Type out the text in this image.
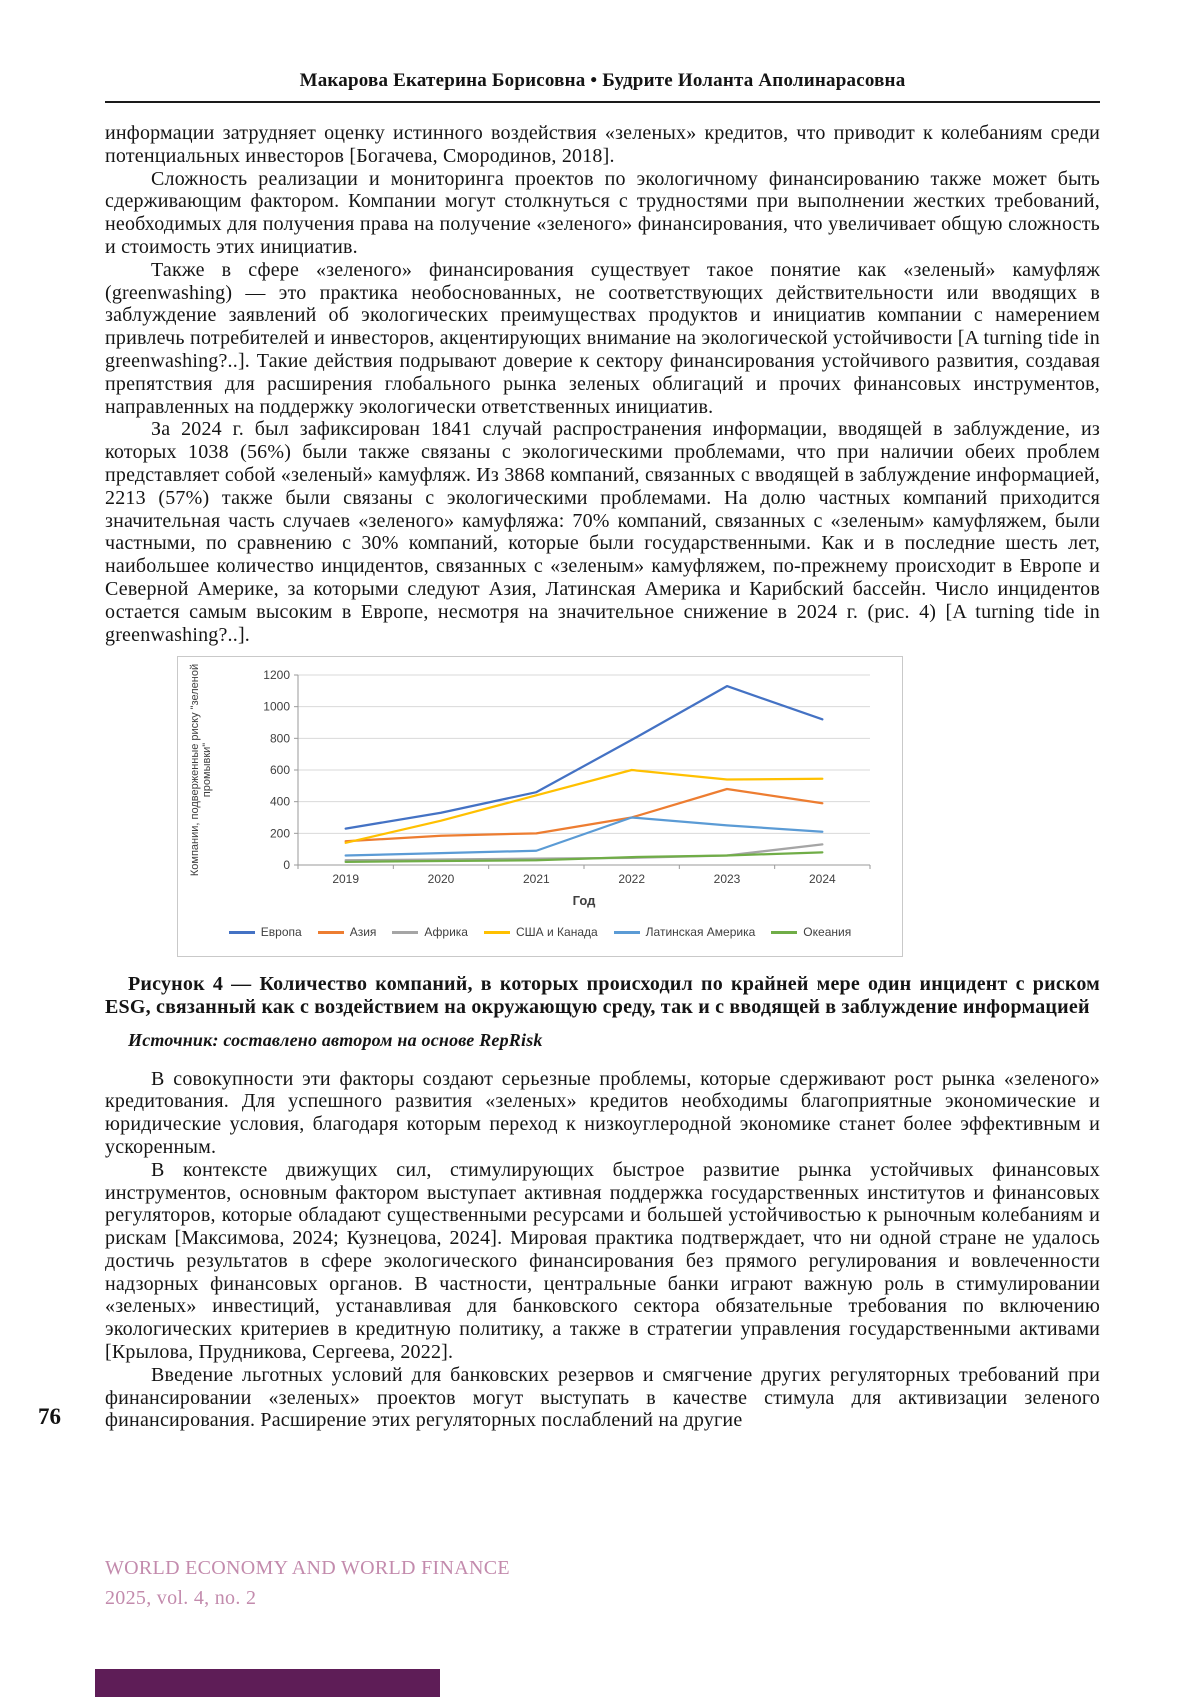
Макарова Екатерина Борисовна • Будрите Иоланта Аполинарасовна

информации затрудняет оценку истинного воздействия «зеленых» кредитов, что приводит к колебаниям среди потенциальных инвесторов [Богачева, Смородинов, 2018].

Сложность реализации и мониторинга проектов по экологичному финансированию также может быть сдерживающим фактором. Компании могут столкнуться с трудностями при выполнении жестких требований, необходимых для получения права на получение «зеленого» финансирования, что увеличивает общую сложность и стоимость этих инициатив.

Также в сфере «зеленого» финансирования существует такое понятие как «зеленый» камуфляж (greenwashing) — это практика необоснованных, не соответствующих действительности или вводящих в заблуждение заявлений об экологических преимуществах продуктов и инициатив компании с намерением привлечь потребителей и инвесторов, акцентирующих внимание на экологической устойчивости [A turning tide in greenwashing?..]. Такие действия подрывают доверие к сектору финансирования устойчивого развития, создавая препятствия для расширения глобального рынка зеленых облигаций и прочих финансовых инструментов, направленных на поддержку экологически ответственных инициатив.

За 2024 г. был зафиксирован 1841 случай распространения информации, вводящей в заблуждение, из которых 1038 (56%) были также связаны с экологическими проблемами, что при наличии обеих проблем представляет собой «зеленый» камуфляж. Из 3868 компаний, связанных с вводящей в заблуждение информацией, 2213 (57%) также были связаны с экологическими проблемами. На долю частных компаний приходится значительная часть случаев «зеленого» камуфляжа: 70% компаний, связанных с «зеленым» камуфляжем, были частными, по сравнению с 30% компаний, которые были государственными. Как и в последние шесть лет, наибольшее количество инцидентов, связанных с «зеленым» камуфляжем, по-прежнему происходит в Европе и Северной Америке, за которыми следуют Азия, Латинская Америка и Карибский бассейн. Число инцидентов остается самым высоким в Европе, несмотря на значительное снижение в 2024 г. (рис. 4) [A turning tide in greenwashing?..].

0
200
400
600
800
1000
1200
2019	2020	2021	2022	2023	2024
Год
Компании, подверженные риску "зеленойпромывки"
Европа	Азия	Африка	США и Канада	Латинская Америка	Океания

Рисунок 4 — Количество компаний, в которых происходил по крайней мере один инцидент с риском ESG, связанный как с воздействием на окружающую среду, так и с вводящей в заблуждение информацией

Источник: составлено автором на основе RepRisk

В совокупности эти факторы создают серьезные проблемы, которые сдерживают рост рынка «зеленого» кредитования. Для успешного развития «зеленых» кредитов необходимы благоприятные экономические и юридические условия, благодаря которым переход к низкоуглеродной экономике станет более эффективным и ускоренным.

В контексте движущих сил, стимулирующих быстрое развитие рынка устойчивых финансовых инструментов, основным фактором выступает активная поддержка государственных институтов и финансовых регуляторов, которые обладают существенными ресурсами и большей устойчивостью к рыночным колебаниям и рискам [Максимова, 2024; Кузнецова, 2024]. Мировая практика подтверждает, что ни одной стране не удалось достичь результатов в сфере экологического финансирования без прямого регулирования и вовлеченности надзорных финансовых органов. В частности, центральные банки играют важную роль в стимулировании «зеленых» инвестиций, устанавливая для банковского сектора обязательные требования по включению экологических критериев в кредитную политику, а также в стратегии управления государственными активами [Крылова, Прудникова, Сергеева, 2022].

Введение льготных условий для банковских резервов и смягчение других регуляторных требований при финансировании «зеленых» проектов могут выступать в качестве стимула для активизации зеленого финансирования. Расширение этих регуляторных послаблений на другие

76
WORLD ECONOMY AND WORLD FINANCE
2025, vol. 4, no. 2
